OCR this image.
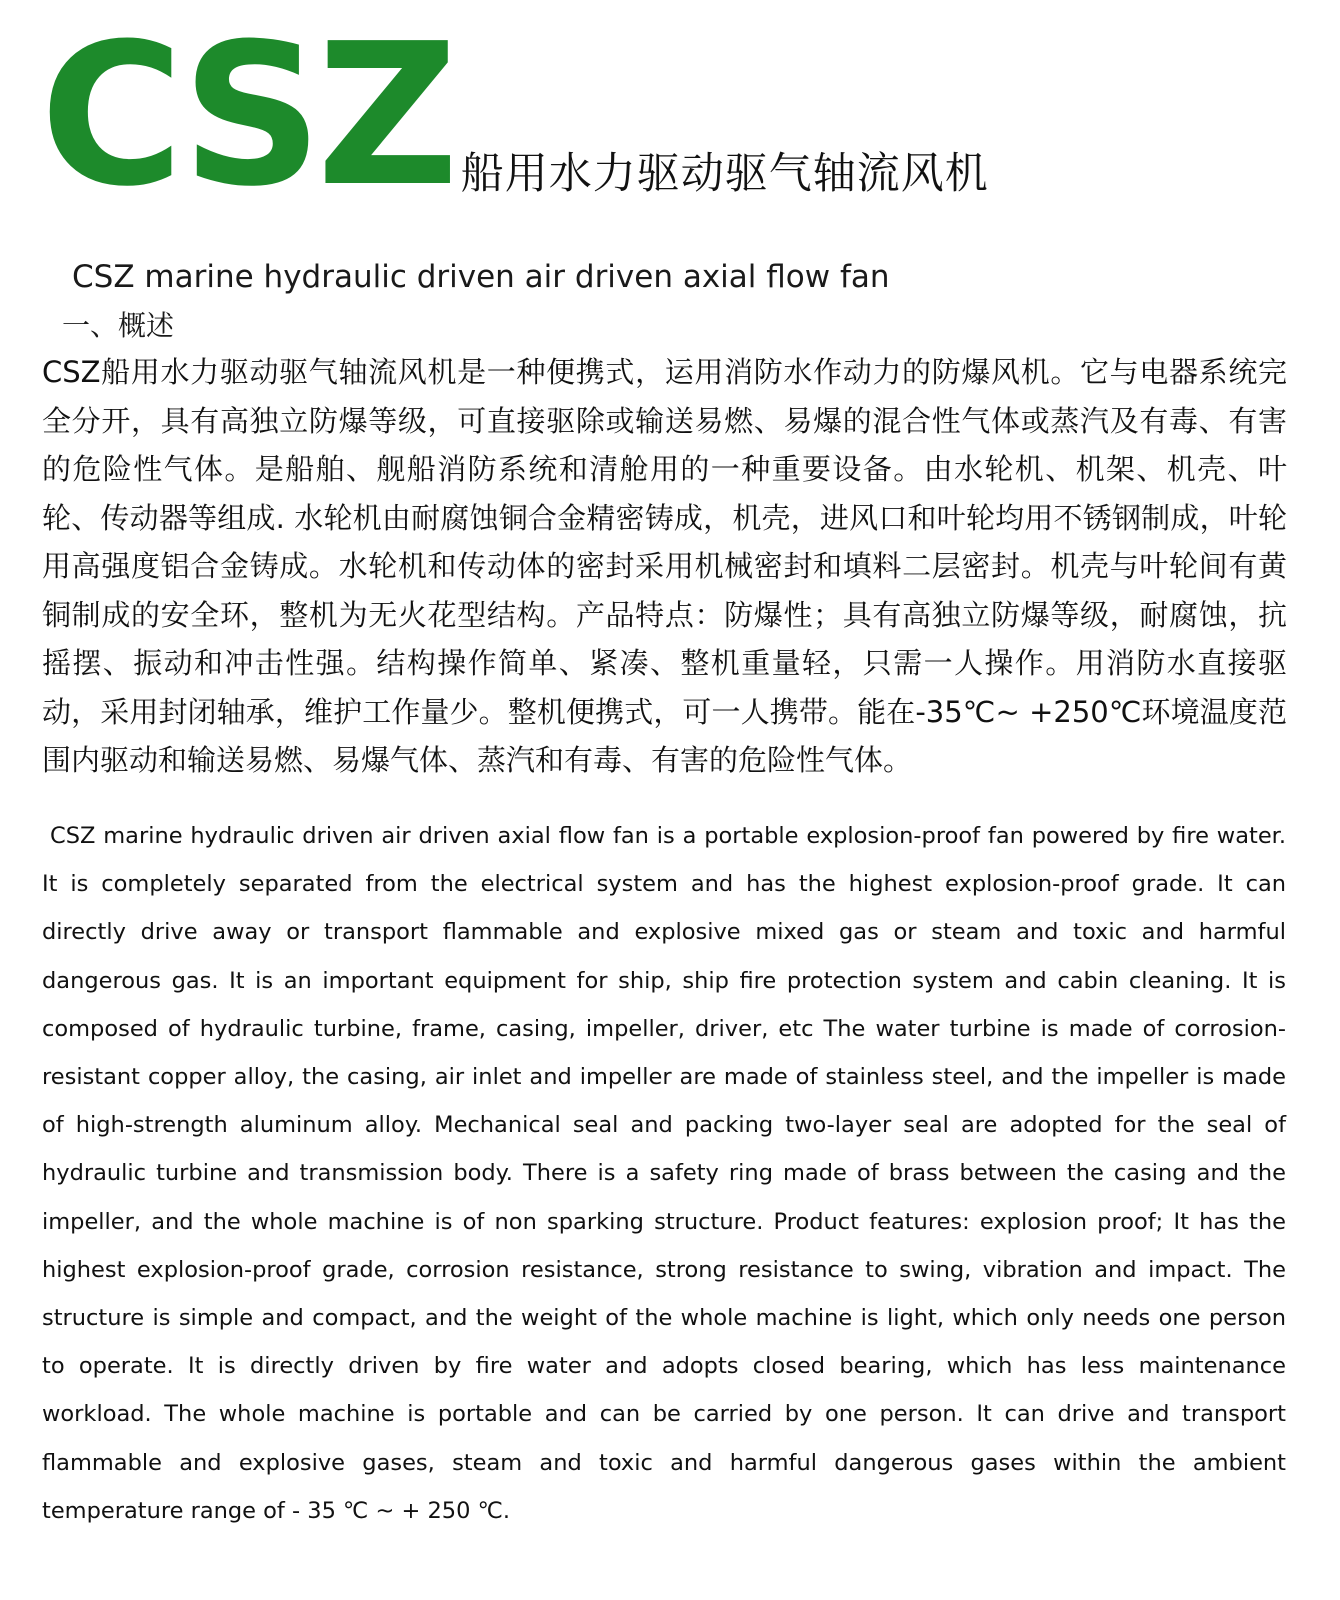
CSZ 船用水力驱动驱气轴流风机
CSZ marine hydraulic driven air driven axial flow fan
一、概述

CSZ船用水力驱动驱气轴流风机是一种便携式，运用消防水作动力的防爆风机。它与电器系统完全分开，具有高独立防爆等级，可直接驱除或输送易燃、易爆的混合性气体或蒸汽及有毒、有害的危险性气体。是船舶、舰船消防系统和清舱用的一种重要设备。由水轮机、机架、机壳、叶轮、传动器等组成. 水轮机由耐腐蚀铜合金精密铸成，机壳，进风口和叶轮均用不锈钢制成，叶轮用高强度铝合金铸成。水轮机和传动体的密封采用机械密封和填料二层密封。机壳与叶轮间有黄铜制成的安全环，整机为无火花型结构。产品特点：防爆性；具有高独立防爆等级，耐腐蚀，抗摇摆、振动和冲击性强。结构操作简单、紧凑、整机重量轻，只需一人操作。用消防水直接驱动，采用封闭轴承，维护工作量少。整机便携式，可一人携带。能在-35℃~ +250℃环境温度范围内驱动和输送易燃、易爆气体、蒸汽和有毒、有害的危险性气体。

CSZ marine hydraulic driven air driven axial flow fan is a portable explosion-proof fan powered by fire water. It is completely separated from the electrical system and has the highest explosion-proof grade. It can directly drive away or transport flammable and explosive mixed gas or steam and toxic and harmful dangerous gas. It is an important equipment for ship, ship fire protection system and cabin cleaning. It is composed of hydraulic turbine, frame, casing, impeller, driver, etc The water turbine is made of corrosion-resistant copper alloy, the casing, air inlet and impeller are made of stainless steel, and the impeller is made of high-strength aluminum alloy. Mechanical seal and packing two-layer seal are adopted for the seal of hydraulic turbine and transmission body. There is a safety ring made of brass between the casing and the impeller, and the whole machine is of non sparking structure. Product features: explosion proof; It has the highest explosion-proof grade, corrosion resistance, strong resistance to swing, vibration and impact. The structure is simple and compact, and the weight of the whole machine is light, which only needs one person to operate. It is directly driven by fire water and adopts closed bearing, which has less maintenance workload. The whole machine is portable and can be carried by one person. It can drive and transport flammable and explosive gases, steam and toxic and harmful dangerous gases within the ambient temperature range of - 35 ℃ ~ + 250 ℃.
